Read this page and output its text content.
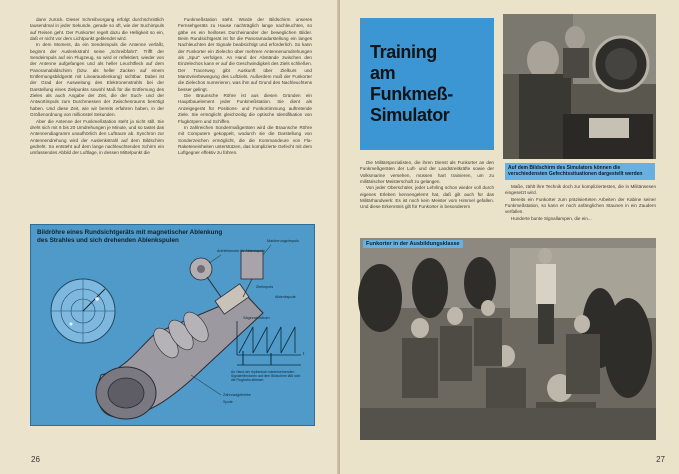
dann zurück. Dieser Schreibvorgang erfolgt durchschnittlich tausendmal in jeder Sekunde, gerade so oft, wie der Suchimpuls auf Reisen geht. Der Funkorter regelt dazu die Helligkeit so ein, daß er nicht vor dem Lichtpunkt geblendet wird.

In dem Moment, da ein Sendeimpuls die Antenne verläßt, beginnt der Auslenkstrahl seine „Schreibfahrt“. Trifft der Sendeimpuls auf ein Flugzeug, so wird er reflektiert, wieder von der Antenne aufgefangen und als heller Leuchtfleck auf dem Panoramabildschirm (bzw. als heller Zacken auf einem Entfernungsbildgerät mit Linearauslenkung) sichtbar. Dabei ist der Grad der Ausweitung des Elektronenstrahls bei der Darstellung eines Zielpunkts sowohl Maß für die Entfernung des Zieles als auch Angabe der Zeit, die der Such- und der Antwortimpuls zum Durchmessen der Zwischenraums benötigt haben. Und diese Zeit, wie wir bereits erfahren haben, in der Größenordnung von millionstel Sekunden.

Aber die Antenne der Funkmeßstation steht ja nicht still. Sie dreht sich mit 6 bis 20 Umdrehungen je Minute, und so tastet das Antennendiagramm unaufhörlich den Luftraum ab. Synchron zur Antennendrehung wird der Auslenkstrahl auf dem Bildschirm gedreht. So entsteht auf dem lange nachleuchtenden Schirm ein umfassendes Abbild der Luftlage, in dessen Mittelpunkt die

Funkmeßstation steht. Würde der Bildschirm unseres Fernsehgeräts zu Hause nachträglich lange nachleuchten, so gäbe es ein heilloses Durcheinander der beweglichen Bilder. Beim Rundsichtgerät ist für die Panoramadarstellung ein langes Nachleuchten der Signale beabsichtigt und erforderlich. So kann der Funkorter ein Zielecho über mehrere Antennenumdrehungen als „Spur“ verfolgen. An Hand der Abstände zwischen den Einzelechos kann er auf die Geschwindigkeit des Ziels schließen. Der Tracerweg gibt Auskunft über Zielkurs und Manövrierbewegung des Luftziels. Außerdem muß der Funkorter die Zielechos numerieren, was ihm auf Grund des Nachleuchtens besser gelingt.

Die Braunsche Röhre ist aus diesen Gründen ein Hauptbauelement jeder Funkmeßstation. Sie dient als Anzeigegerät für Positions- und Funkortimmung auftretende Ziele. Sie ermöglicht gleichzeitig die optische Identifikation von Flugkörpern und Schiffen.

In zahlreichen Sondermaßgeräten wird die Braunsche Röhre mit Computern gekoppelt, wodurch sie die Darstellung von Sonderzeichen ermöglicht, die die Kommandeure von Fla-Raketeneinheiten unterstützen, das komplizierte Gefecht mit dem Luftgegner effektiv zu führen.

Bildröhre eines Rundsichtgeräts mit magnetischer Ablenkung
des Strahles und sich drehenden Ablenkspulen	Markierungsimpuls
Antriebsmotor für Ablenkspule
Zielimpuls
Ablenkspule
Sägezahnstrom
t
An Hand der rhythmisch wiederkehrenden Signalreflexionen auf dem Bildschirm läßt sich die Flugbahn ablesen
Zahnradgetriebe
Spule
26
Training
am
Funkmeß-
Simulator
Auf dem Bildschirm des Simulators können die verschiedensten Gefechtssituationen dargestellt werden

Die Militärspezialisten, die ihren Dienst als Funkorter an den Funkmeßgeräten der Luft- und der Landstreitkräfte sowie der Volksmarine versehen, müssen hart trainieren, um zu militärischer Meisterschaft zu gelangen.

Von jeder Oberschüler, jeder Lehrling schon wieder voll durch eigenes Erleben kennengelernt hat, daß gilt auch für das Militärhandwerk: Es ist noch kein Meister vom Himmel gefallen. Und diese Erkenntnis gilt für Funkorter in besonderem

Maße, zählt ihre Technik doch zur kompliziertesten, die in Militärwesen eingesetzt wird.

Bereits ein Funkorter zum präzisierteten Arbeiten der Kabine seiner Funkmeßstation, so kann er noch anfänglichen Staunen in ein Zaudern verfallen.

Hunderte bunte Signallampen, die ein...

Funkorter in der Ausbildungsklasse
27
